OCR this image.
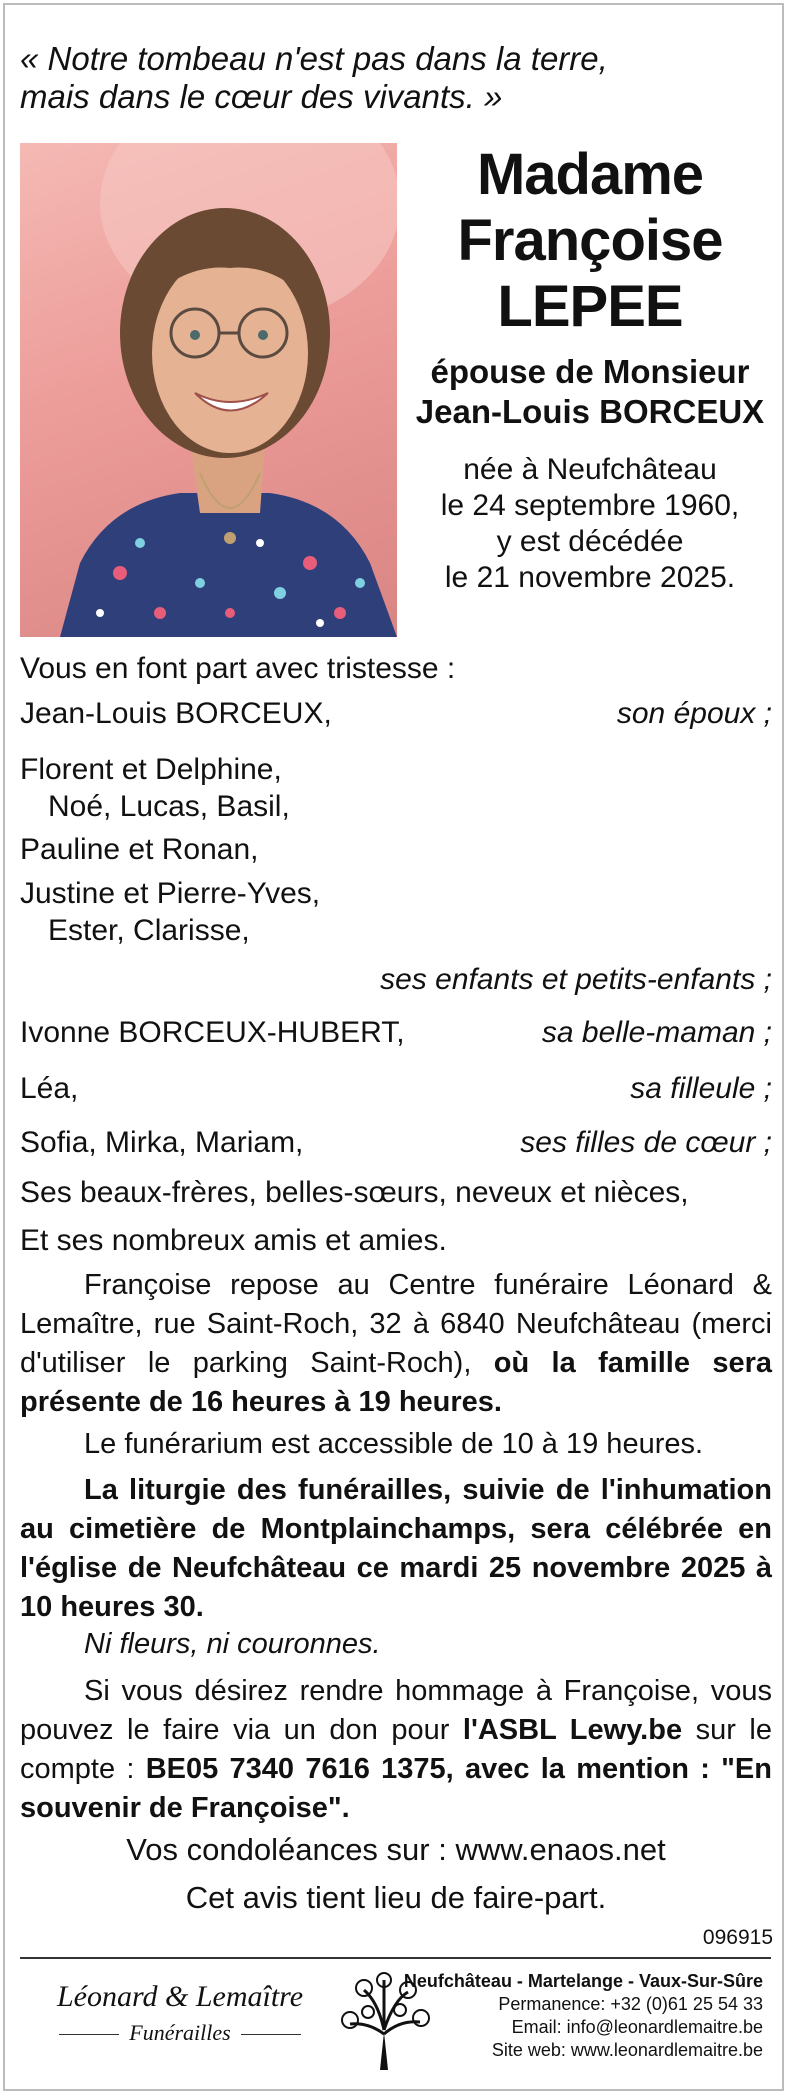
« Notre tombeau n'est pas dans la terre,
mais dans le cœur des vivants. »
Madame
Françoise
LEPEE
épouse de Monsieur
Jean-Louis BORCEUX
née à Neufchâteau
le 24 septembre 1960,
y est décédée
le 21 novembre 2025.
Vous en font part avec tristesse :
Jean-Louis BORCEUX,	son époux ;
Florent et Delphine,
Noé, Lucas, Basil,
Pauline et Ronan,
Justine et Pierre-Yves,
Ester, Clarisse,
ses enfants et petits-enfants ;
Ivonne BORCEUX-HUBERT,	sa belle-maman ;
Léa,	sa filleule ;
Sofia, Mirka, Mariam,	ses filles de cœur ;
Ses beaux-frères, belles-sœurs, neveux et nièces,
Et ses nombreux amis et amies.
Françoise repose au Centre funéraire Léonard & Lemaître, rue Saint-Roch, 32 à 6840 Neufchâteau (merci d'utiliser le parking Saint-Roch), où la famille sera présente de 16 heures à 19 heures.
Le funérarium est accessible de 10 à 19 heures.
La liturgie des funérailles, suivie de l'inhumation au cimetière de Montplainchamps, sera célébrée en l'église de Neufchâteau ce mardi 25 novembre 2025 à 10 heures 30.
Ni fleurs, ni couronnes.
Si vous désirez rendre hommage à Françoise, vous pouvez le faire via un don pour l'ASBL Lewy.be sur le compte : BE05 7340 7616 1375, avec la mention : "En souvenir de Françoise".
Vos condoléances sur : www.enaos.net
Cet avis tient lieu de faire-part.
096915
Léonard & Lemaître
Funérailles
Neufchâteau - Martelange - Vaux-Sur-Sûre
Permanence: +32 (0)61 25 54 33
Email: info@leonardlemaitre.be
Site web: www.leonardlemaitre.be
